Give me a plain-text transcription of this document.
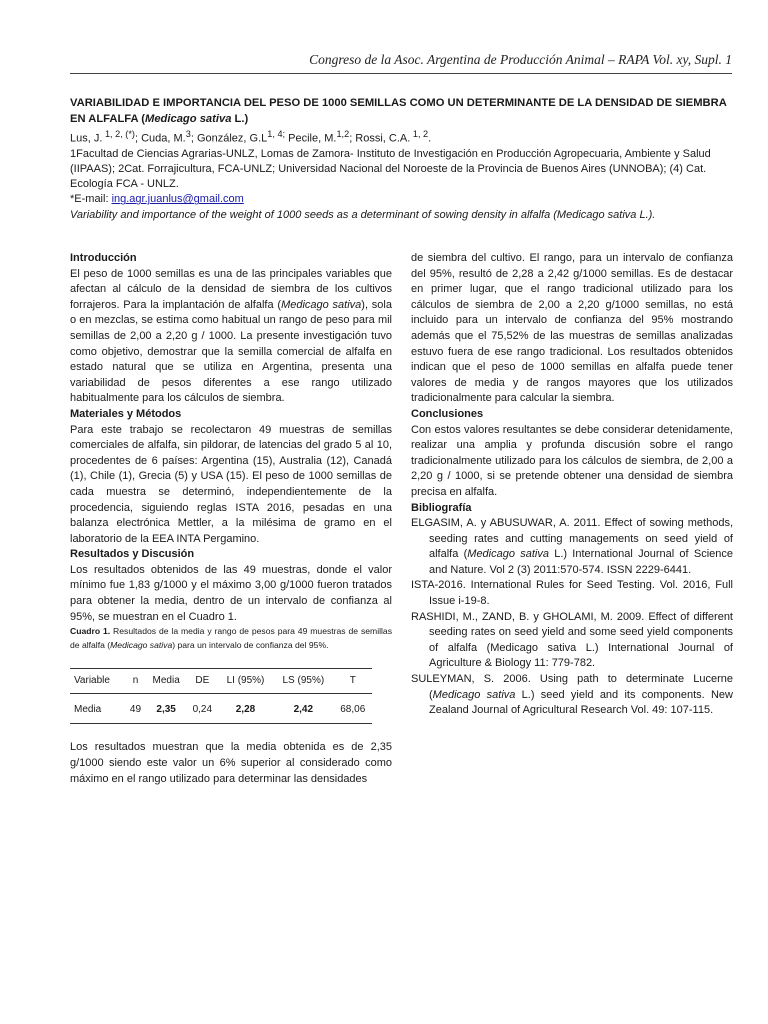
Congreso de la Asoc. Argentina de Producción Animal – RAPA Vol. xy, Supl. 1
VARIABILIDAD E IMPORTANCIA DEL PESO DE 1000 SEMILLAS COMO UN DETERMINANTE DE LA DENSIDAD DE SIEMBRA EN ALFALFA (Medicago sativa L.)
Lus, J. $^{1, 2, (*)}$; Cuda, M.$^3$; González, $G.L^{1, 4;}$ Pecile, M.$^{1,2}$; Rossi, C.A. $^{1, 2}$.
1Facultad de Ciencias Agrarias-UNLZ, Lomas de Zamora- Instituto de Investigación en Producción Agropecuaria, Ambiente y Salud (IIPAAS); 2Cat. Forrajicultura, FCA-UNLZ; Universidad Nacional del Noroeste de la Provincia de Buenos Aires (UNNOBA); (4) Cat. Ecología FCA - UNLZ.
*E-mail: ing.agr.juanlus@gmail.com
Variability and importance of the weight of 1000 seeds as a determinant of sowing density in alfalfa (Medicago sativa L.).

Introducción

El peso de 1000 semillas es una de las principales variables que afectan al cálculo de la densidad de siembra de los cultivos forrajeros. Para la implantación de alfalfa (Medicago sativa), sola o en mezclas, se estima como habitual un rango de peso para mil semillas de 2,00 a 2,20 g / 1000. La presente investigación tuvo como objetivo, demostrar que la semilla comercial de alfalfa en estado natural que se utiliza en Argentina, presenta una variabilidad de pesos diferentes a ese rango utilizado habitualmente para los cálculos de siembra.

Materiales y Métodos

Para este trabajo se recolectaron 49 muestras de semillas comerciales de alfalfa, sin pildorar, de latencias del grado 5 al 10, procedentes de 6 países: Argentina (15), Australia (12), Canadá (1), Chile (1), Grecia (5) y USA (15). El peso de 1000 semillas de cada muestra se determinó, independientemente de la procedencia, siguiendo reglas ISTA 2016, pesadas en una balanza electrónica Mettler, a la milésima de gramo en el laboratorio de la EEA INTA Pergamino.

Resultados y Discusión

Los resultados obtenidos de las 49 muestras, donde el valor mínimo fue 1,83 g/1000 y el máximo 3,00 g/1000 fueron tratados para obtener la media, dentro de un intervalo de confianza al 95%, se muestran en el Cuadro 1.

Cuadro 1. Resultados de la media y rango de pesos para 49 muestras de semillas de alfalfa (Medicago sativa) para un intervalo de confianza del 95%.

Variable	n	Media	DE	LI (95%)	LS (95%)	T
Media	49	2,35	0,24	2,28	2,42	68,06

Los resultados muestran que la media obtenida es de 2,35 g/1000 siendo este valor un 6% superior al considerado como máximo en el rango utilizado para determinar las densidades

de siembra del cultivo. El rango, para un intervalo de confianza del 95%, resultó de 2,28 a 2,42 g/1000 semillas. Es de destacar en primer lugar, que el rango tradicional utilizado para los cálculos de siembra de 2,00 a 2,20 g/1000 semillas, no está incluido para un intervalo de confianza del 95% mostrando además que el 75,52% de las muestras de semillas analizadas estuvo fuera de ese rango tradicional. Los resultados obtenidos indican que el peso de 1000 semillas en alfalfa puede tener valores de media y de rangos mayores que los utilizados tradicionalmente para calcular la siembra.

Conclusiones

Con estos valores resultantes se debe considerar detenidamente, realizar una amplia y profunda discusión sobre el rango tradicionalmente utilizado para los cálculos de siembra, de 2,00 a 2,20 g / 1000, si se pretende obtener una densidad de siembra precisa en alfalfa.

Bibliografía

ELGASIM, A. y ABUSUWAR, A. 2011. Effect of sowing methods, seeding rates and cutting managements on seed yield of alfalfa (Medicago sativa L.) International Journal of Science and Nature. Vol 2 (3) 2011:570-574. ISSN 2229-6441.

ISTA-2016. International Rules for Seed Testing. Vol. 2016, Full Issue i-19-8.

RASHIDI, M., ZAND, B. y GHOLAMI, M. 2009. Effect of different seeding rates on seed yield and some seed yield components of alfalfa (Medicago sativa L.) International Journal of Agriculture & Biology 11: 779-782.

SULEYMAN, S. 2006. Using path to determinate Lucerne (Medicago sativa L.) seed yield and its components. New Zealand Journal of Agricultural Research Vol. 49: 107-115.
